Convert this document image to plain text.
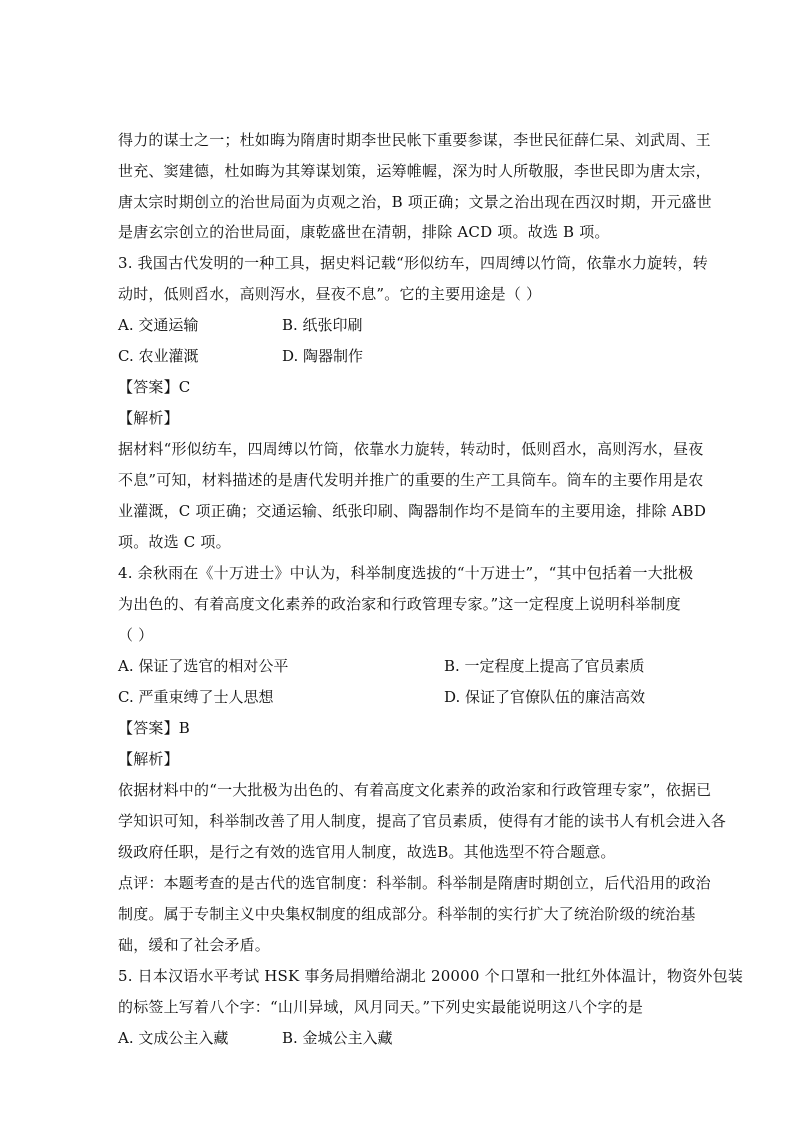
得力的谋士之一；杜如晦为隋唐时期李世民帐下重要参谋，李世民征薛仁杲、刘武周、王
世充、窦建德，杜如晦为其筹谋划策，运筹帷幄，深为时人所敬服，李世民即为唐太宗，
唐太宗时期创立的治世局面为贞观之治，B 项正确；文景之治出现在西汉时期，开元盛世
是唐玄宗创立的治世局面，康乾盛世在清朝，排除 ACD 项。故选 B 项。
3. 我国古代发明的一种工具，据史料记载“形似纺车，四周缚以竹筒，依靠水力旋转，转
动时，低则舀水，高则泻水，昼夜不息”。它的主要用途是（ ）
A. 交通运输	B. 纸张印刷
C. 农业灌溉	D. 陶器制作
【答案】C
【解析】
据材料“形似纺车，四周缚以竹筒，依靠水力旋转，转动时，低则舀水，高则泻水，昼夜
不息”可知，材料描述的是唐代发明并推广的重要的生产工具筒车。筒车的主要作用是农
业灌溉，C 项正确；交通运输、纸张印刷、陶器制作均不是筒车的主要用途，排除 ABD
项。故选 C 项。
4. 余秋雨在《十万进士》中认为，科举制度选拔的“十万进士”，“其中包括着一大批极
为出色的、有着高度文化素养的政治家和行政管理专家。”这一定程度上说明科举制度
（ ）
A. 保证了选官的相对公平	B. 一定程度上提高了官员素质
C. 严重束缚了士人思想	D. 保证了官僚队伍的廉洁高效
【答案】B
【解析】
依据材料中的“一大批极为出色的、有着高度文化素养的政治家和行政管理专家”，依据已
学知识可知，科举制改善了用人制度，提高了官员素质，使得有才能的读书人有机会进入各
级政府任职，是行之有效的选官用人制度，故选B。其他选型不符合题意。
点评：本题考查的是古代的选官制度：科举制。科举制是隋唐时期创立，后代沿用的政治
制度。属于专制主义中央集权制度的组成部分。科举制的实行扩大了统治阶级的统治基
础，缓和了社会矛盾。
5. 日本汉语水平考试 HSK 事务局捐赠给湖北 20000 个口罩和一批红外体温计，物资外包装
的标签上写着八个字：“山川异域，风月同天。”下列史实最能说明这八个字的是
A. 文成公主入藏	B. 金城公主入藏
